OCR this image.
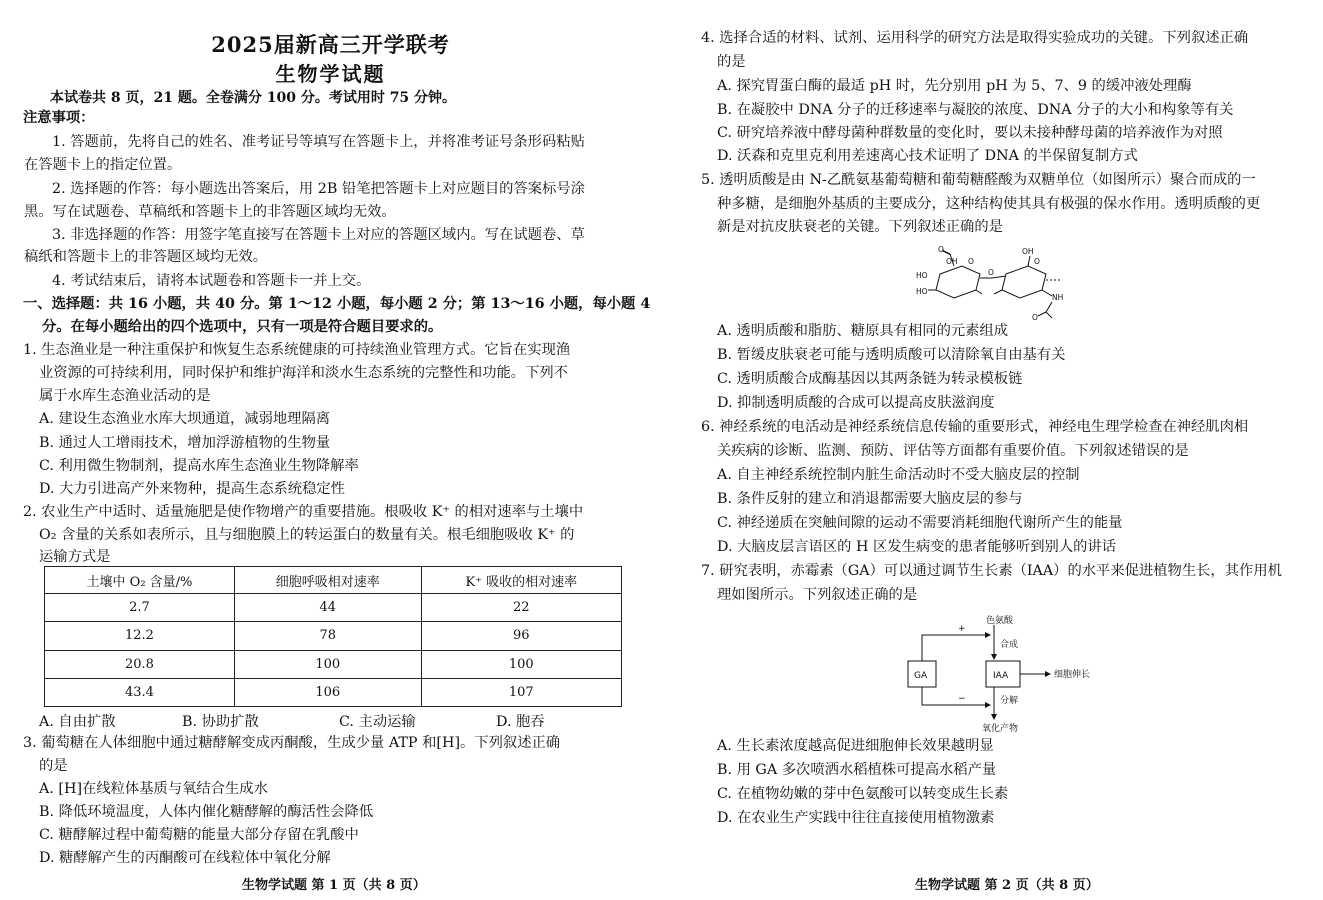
2025届新高三开学联考
生物学试题
本试卷共 8 页，21 题。全卷满分 100 分。考试用时 75 分钟。
注意事项：
1. 答题前，先将自己的姓名、准考证号等填写在答题卡上，并将准考证号条形码粘贴
在答题卡上的指定位置。
2. 选择题的作答：每小题选出答案后，用 2B 铅笔把答题卡上对应题目的答案标号涂
黑。写在试题卷、草稿纸和答题卡上的非答题区域均无效。
3. 非选择题的作答：用签字笔直接写在答题卡上对应的答题区域内。写在试题卷、草
稿纸和答题卡上的非答题区域均无效。
4. 考试结束后，请将本试题卷和答题卡一并上交。
一、选择题：共 16 小题，共 40 分。第 1～12 小题，每小题 2 分；第 13～16 小题，每小题 4
分。在每小题给出的四个选项中，只有一项是符合题目要求的。
1. 生态渔业是一种注重保护和恢复生态系统健康的可持续渔业管理方式。它旨在实现渔
业资源的可持续利用，同时保护和维护海洋和淡水生态系统的完整性和功能。下列不
属于水库生态渔业活动的是
A. 建设生态渔业水库大坝通道，减弱地理隔离
B. 通过人工增雨技术，增加浮游植物的生物量
C. 利用微生物制剂，提高水库生态渔业生物降解率
D. 大力引进高产外来物种，提高生态系统稳定性
2. 农业生产中适时、适量施肥是使作物增产的重要措施。根吸收 K⁺ 的相对速率与土壤中
O₂ 含量的关系如表所示，且与细胞膜上的转运蛋白的数量有关。根毛细胞吸收 K⁺ 的
运输方式是
土壤中 O₂ 含量/%	细胞呼吸相对速率	K⁺ 吸收的相对速率
2.7	44	22
12.2	78	96
20.8	100	100
43.4	106	107
A. 自由扩散	B. 协助扩散	C. 主动运输	D. 胞吞
3. 葡萄糖在人体细胞中通过糖酵解变成丙酮酸，生成少量 ATP 和[H]。下列叙述正确
的是
A. [H]在线粒体基质与氧结合生成水
B. 降低环境温度，人体内催化糖酵解的酶活性会降低
C. 糖酵解过程中葡萄糖的能量大部分存留在乳酸中
D. 糖酵解产生的丙酮酸可在线粒体中氧化分解
生物学试题 第 1 页（共 8 页）
4. 选择合适的材料、试剂、运用科学的研究方法是取得实验成功的关键。下列叙述正确
的是
A. 探究胃蛋白酶的最适 pH 时，先分别用 pH 为 5、7、9 的缓冲液处理酶
B. 在凝胶中 DNA 分子的迁移速率与凝胶的浓度、DNA 分子的大小和构象等有关
C. 研究培养液中酵母菌种群数量的变化时，要以未接种酵母菌的培养液作为对照
D. 沃森和克里克利用差速离心技术证明了 DNA 的半保留复制方式
5. 透明质酸是由 N-乙酰氨基葡萄糖和葡萄糖醛酸为双糖单位（如图所示）聚合而成的一
种多糖，是细胞外基质的主要成分，这种结构使其具有极强的保水作用。透明质酸的更
新是对抗皮肤衰老的关键。下列叙述正确的是
A. 透明质酸和脂肪、糖原具有相同的元素组成
B. 暂缓皮肤衰老可能与透明质酸可以清除氧自由基有关
C. 透明质酸合成酶基因以其两条链为转录模板链
D. 抑制透明质酸的合成可以提高皮肤滋润度
6. 神经系统的电活动是神经系统信息传输的重要形式，神经电生理学检查在神经肌肉相
关疾病的诊断、监测、预防、评估等方面都有重要价值。下列叙述错误的是
A. 自主神经系统控制内脏生命活动时不受大脑皮层的控制
B. 条件反射的建立和消退都需要大脑皮层的参与
C. 神经递质在突触间隙的运动不需要消耗细胞代谢所产生的能量
D. 大脑皮层言语区的 H 区发生病变的患者能够听到别人的讲话
7. 研究表明，赤霉素（GA）可以通过调节生长素（IAA）的水平来促进植物生长，其作用机
理如图所示。下列叙述正确的是
A. 生长素浓度越高促进细胞伸长效果越明显
B. 用 GA 多次喷洒水稻植株可提高水稻产量
C. 在植物幼嫩的芽中色氨酸可以转变成生长素
D. 在农业生产实践中往往直接使用植物激素
生物学试题 第 2 页（共 8 页）
O
OH
HO
O
OH
O
O
HO
NH
O
GA	IAA
色氨酸
合成
细胞伸长
分解
氧化产物
+
−
